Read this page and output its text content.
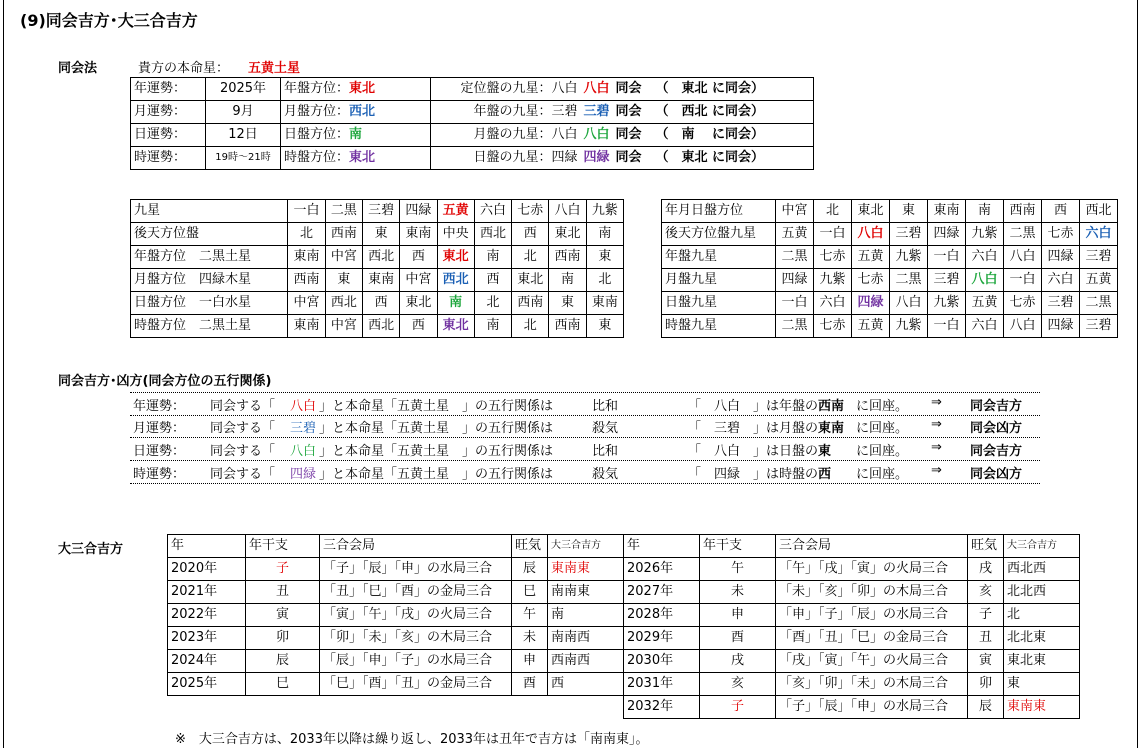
(9)同会吉方･大三合吉方
同会法	貴方の本命星： 五黄土星
年運勢：	2025年	年盤方位：東北	定位盤の九星：八白	八白 同会 （　東北 に同会）
月運勢：	9月	月盤方位：西北	年盤の九星：三碧	三碧 同会 （　西北 に同会）
日運勢：	12日	日盤方位：南	月盤の九星：八白	八白 同会 （　南　 に同会）
時運勢：	19時～21時	時盤方位：東北	日盤の九星：四緑	四緑 同会 （　東北 に同会）
九星	一白	二黒	三碧	四緑	五黄	六白	七赤	八白	九紫
後天方位盤	北	西南	東	東南	中央	西北	西	東北	南
年盤方位　二黒土星	東南	中宮	西北	西	東北	南	北	西南	東
月盤方位　四緑木星	西南	東	東南	中宮	西北	西	東北	南	北
日盤方位　一白水星	中宮	西北	西	東北	南	北	西南	東	東南
時盤方位　二黒土星	東南	中宮	西北	西	東北	南	北	西南	東
年月日盤方位	中宮	北	東北	東	東南	南	西南	西	西北
後天方位盤九星	五黄	一白	八白	三碧	四緑	九紫	二黒	七赤	六白
年盤九星	二黒	七赤	五黄	九紫	一白	六白	八白	四緑	三碧
月盤九星	四緑	九紫	七赤	二黒	三碧	八白	一白	六白	五黄
日盤九星	一白	六白	四緑	八白	九紫	五黄	七赤	三碧	二黒
時盤九星	二黒	七赤	五黄	九紫	一白	六白	八白	四緑	三碧
同会吉方･凶方(同会方位の五行関係)
年運勢： 同会する「 八白 」と本命星「五黄土星　」の五行関係は	比和	「　八白　」は年盤の 西南 に回座。 ⇒ 同会吉方
月運勢： 同会する「 三碧 」と本命星「五黄土星　」の五行関係は	殺気	「　三碧　」は月盤の 東南 に回座。 ⇒ 同会凶方
日運勢： 同会する「 八白 」と本命星「五黄土星　」の五行関係は	比和	「　八白　」は日盤の 東 に回座。 ⇒ 同会吉方
時運勢： 同会する「 四緑 」と本命星「五黄土星　」の五行関係は	殺気	「　四緑　」は時盤の 西 に回座。 ⇒ 同会凶方
大三合吉方	年	年干支	三合会局	旺気	大三合吉方	年	年干支	三合会局	旺気	大三合吉方
2020年	子	「子」「辰」「申」の水局三合	辰	東南東	2026年	午	「午」「戌」「寅」の火局三合	戌	西北西
2021年	丑	「丑」「巳」「酉」の金局三合	巳	南南東	2027年	未	「未」「亥」「卯」の木局三合	亥	北北西
2022年	寅	「寅」「午」「戌」の火局三合	午	南	2028年	申	「申」「子」「辰」の水局三合	子	北
2023年	卯	「卯」「未」「亥」の木局三合	未	南南西	2029年	酉	「酉」「丑」「巳」の金局三合	丑	北北東
2024年	辰	「辰」「申」「子」の水局三合	申	西南西	2030年	戌	「戌」「寅」「午」の火局三合	寅	東北東
2025年	巳	「巳」「酉」「丑」の金局三合	酉	西	2031年	亥	「亥」「卯」「未」の木局三合	卯	東
					2032年	子	「子」「辰」「申」の水局三合	辰	東南東
※　大三合吉方は、2033年以降は繰り返し、2033年は丑年で吉方は「南南東」。
